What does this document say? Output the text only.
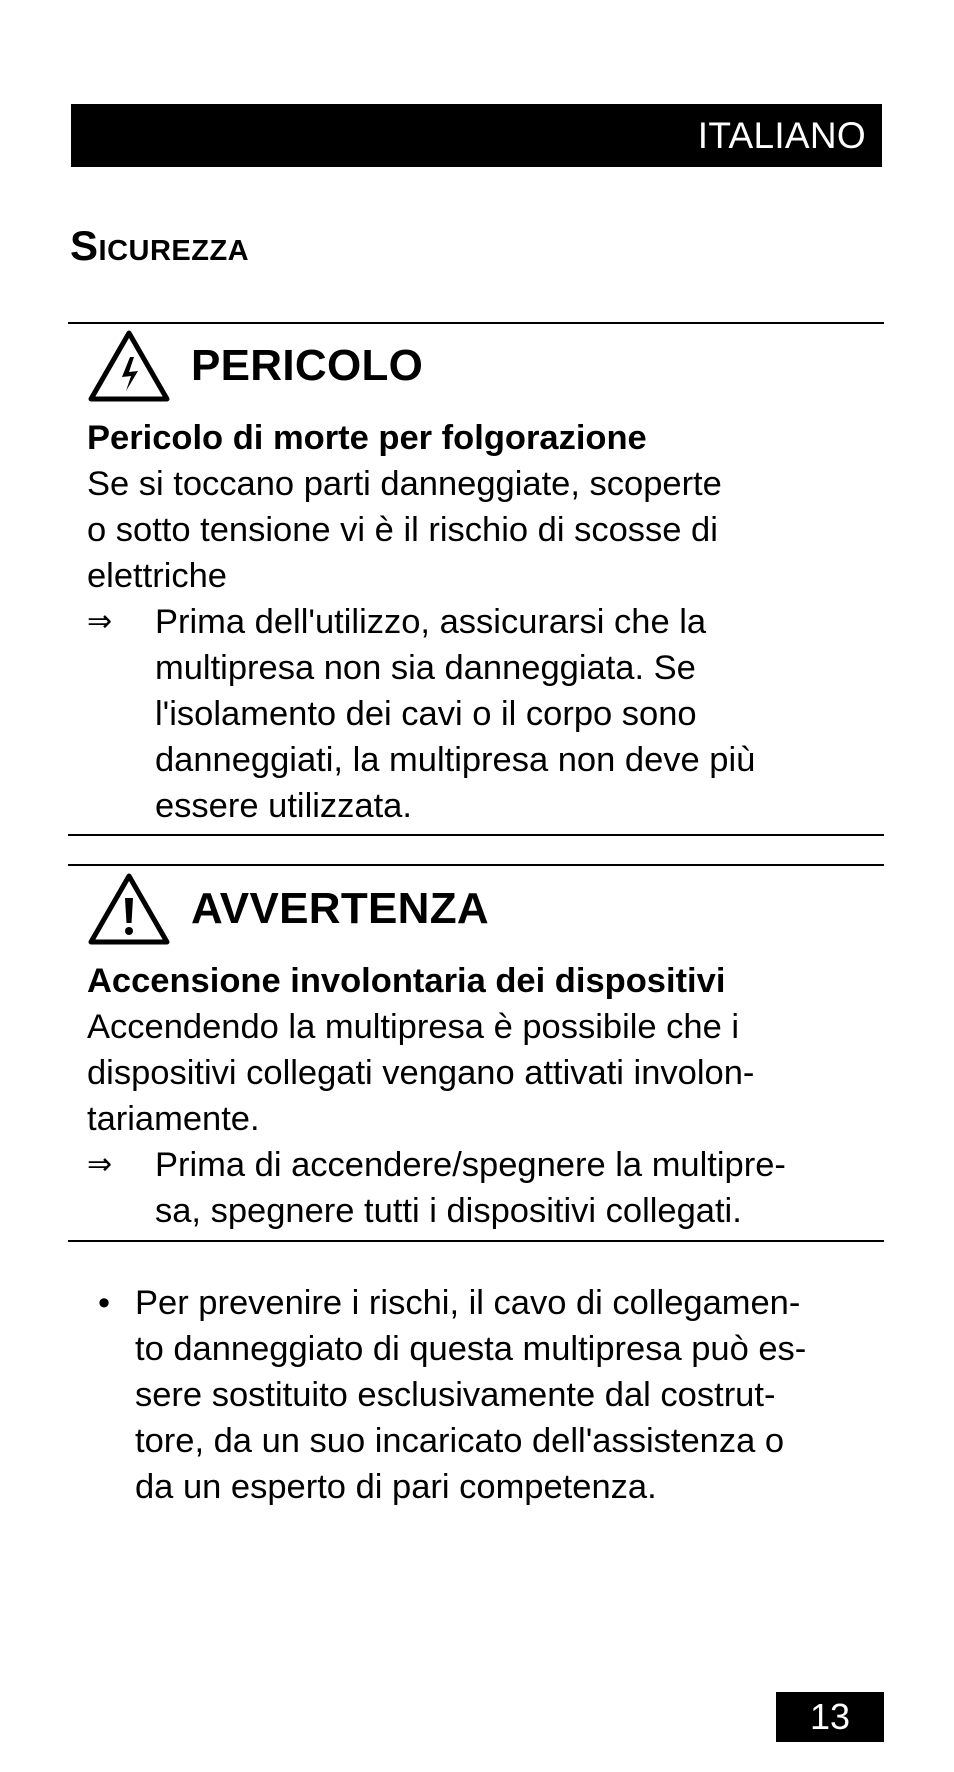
ITALIANO
Sicurezza
PERICOLO
Pericolo di morte per folgorazione
Se si toccano parti danneggiate, scoperte
o sotto tensione vi è il rischio di scosse di
elettriche
⇒ Prima dell'utilizzo, assicurarsi che la
multipresa non sia danneggiata. Se
l'isolamento dei cavi o il corpo sono
danneggiati, la multipresa non deve più
essere utilizzata.
AVVERTENZA
Accensione involontaria dei dispositivi
Accendendo la multipresa è possibile che i
dispositivi collegati vengano attivati involon-
tariamente.
⇒ Prima di accendere/spegnere la multipre-
sa, spegnere tutti i dispositivi collegati.
• Per prevenire i rischi, il cavo di collegamen-
to danneggiato di questa multipresa può es-
sere sostituito esclusivamente dal costrut-
tore, da un suo incaricato dell'assistenza o
da un esperto di pari competenza.
13
